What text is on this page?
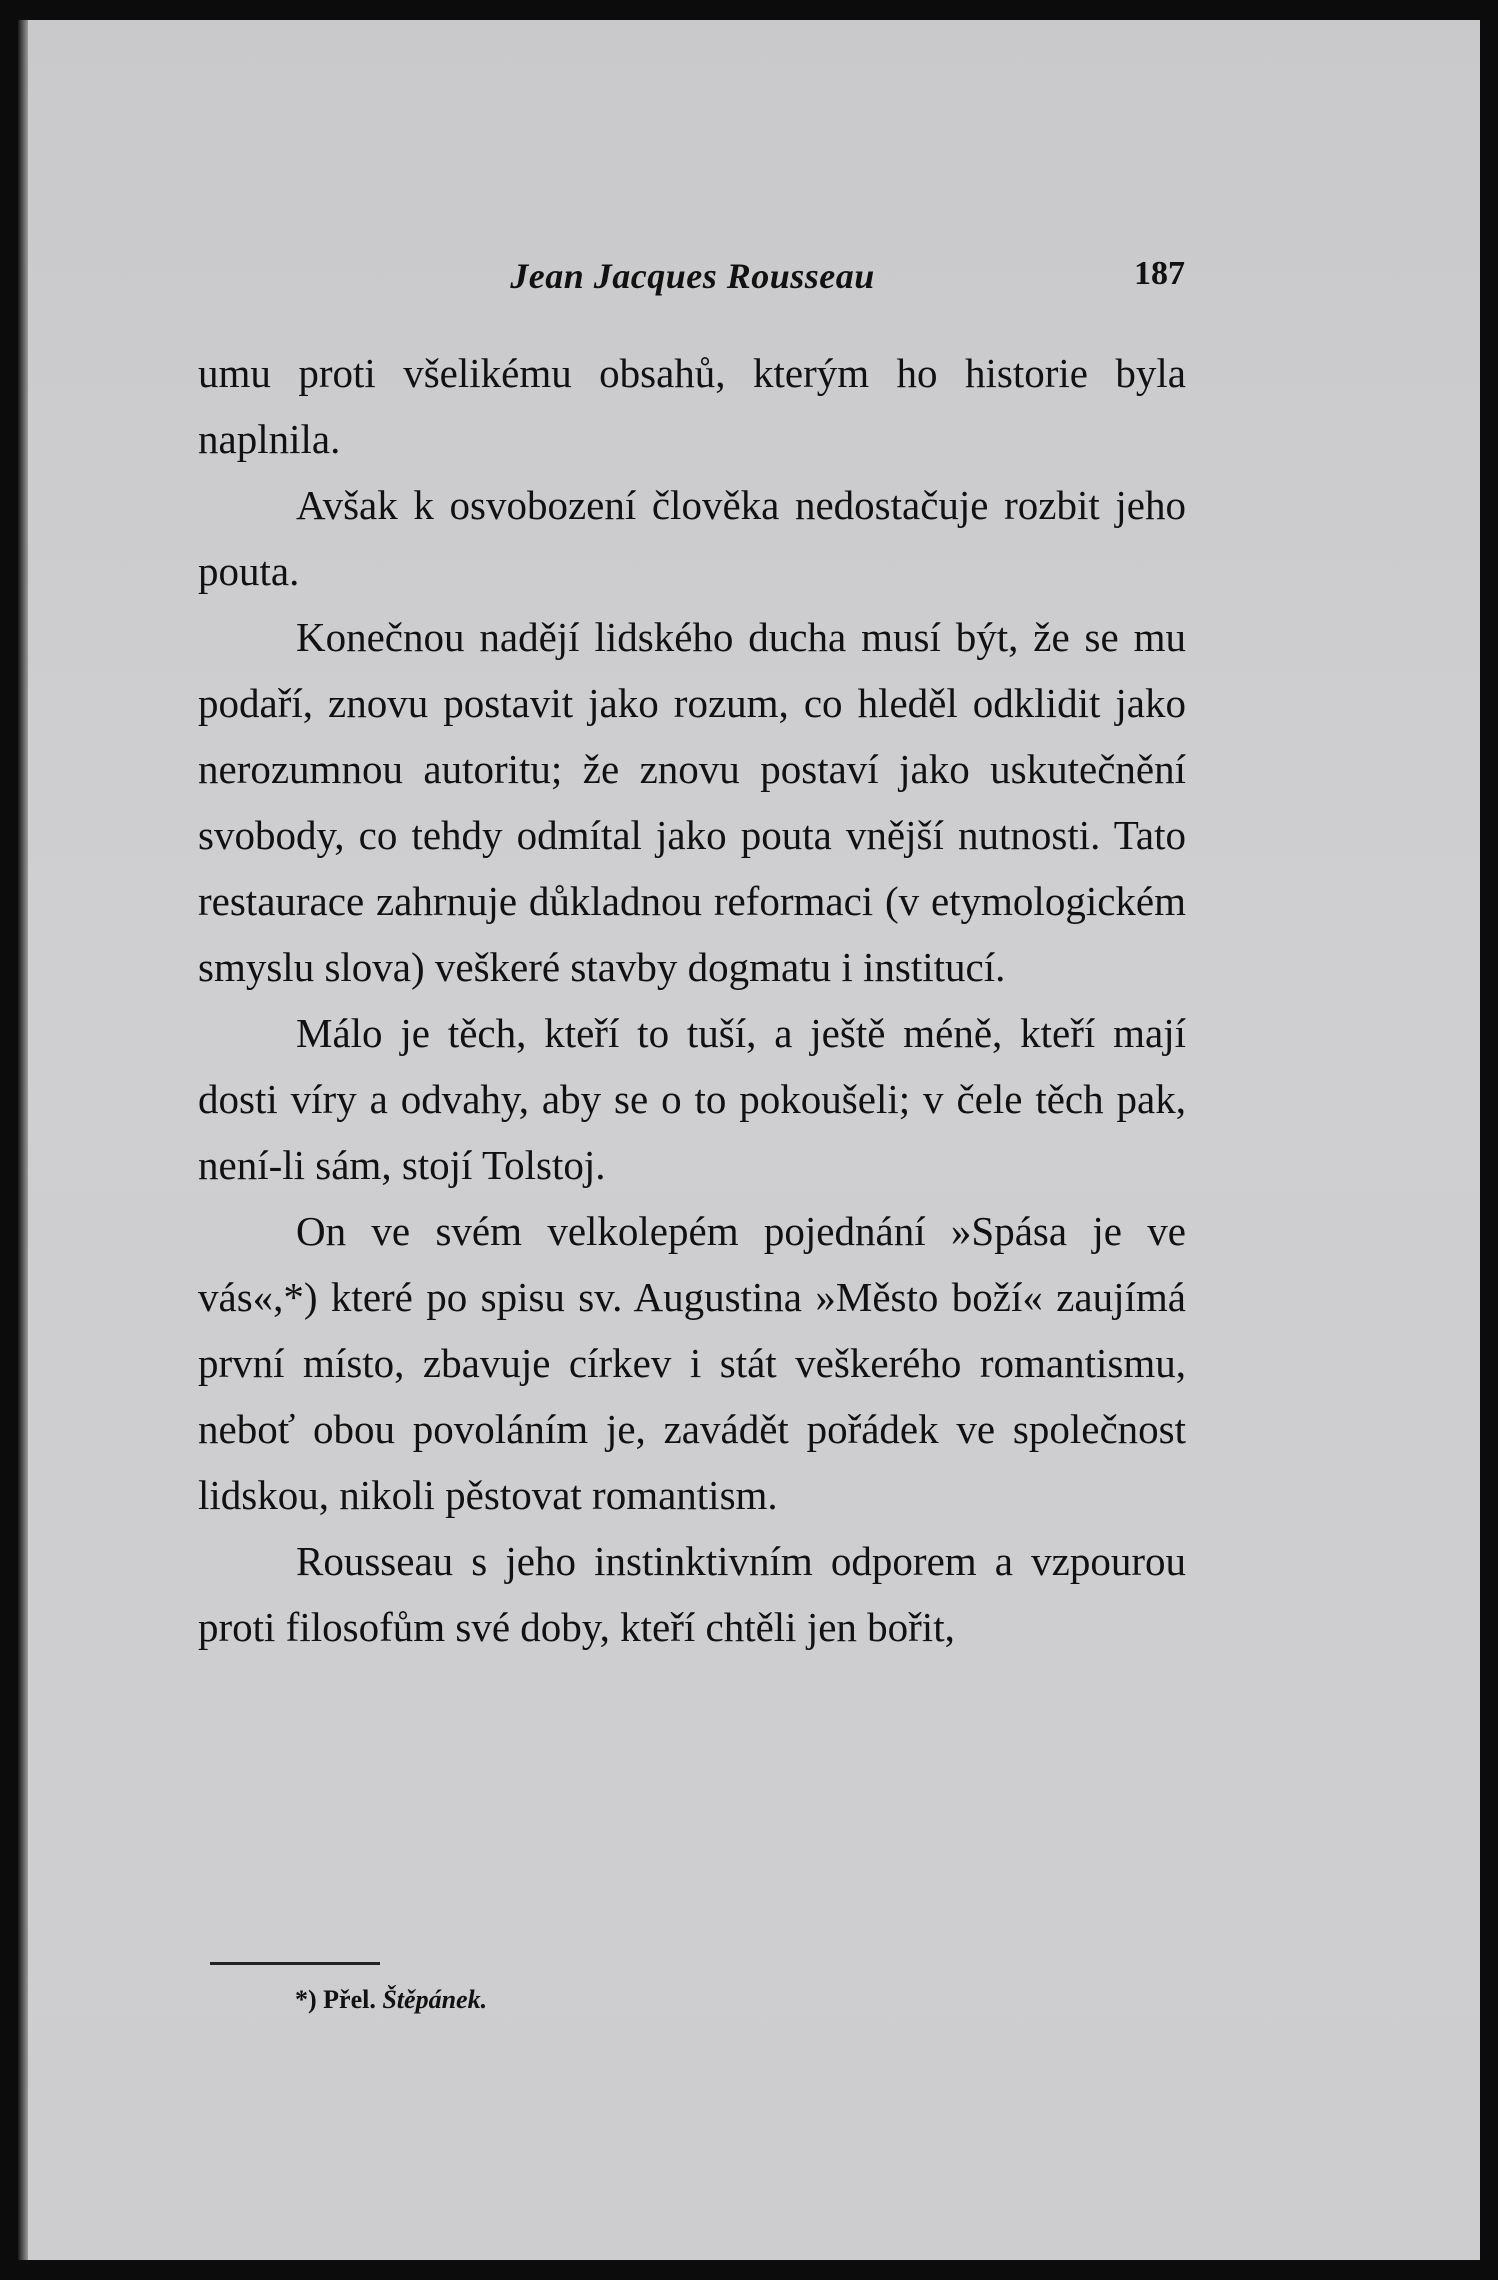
Jean Jacques Rousseau	187

umu proti všelikému obsahů, kterým ho historie byla naplnila.

Avšak k osvobození člověka nedostačuje rozbit jeho pouta.

Konečnou nadějí lidského ducha musí být, že se mu podaří, znovu postavit jako rozum, co hleděl odklidit jako nerozumnou autoritu; že znovu postaví jako uskutečnění svobody, co tehdy odmítal jako pouta vnější nutnosti. Tato restaurace zahrnuje důkladnou reformaci (v etymologickém smyslu slova) veškeré stavby dogmatu i institucí.

Málo je těch, kteří to tuší, a ještě méně, kteří mají dosti víry a odvahy, aby se o to pokoušeli; v čele těch pak, není-li sám, stojí Tolstoj.

On ve svém velkolepém pojednání »Spása je ve vás«,*) které po spisu sv. Augustina »Město boží« zaujímá první místo, zbavuje církev i stát veškerého romantismu, neboť obou povoláním je, zavádět pořádek ve společnost lidskou, nikoli pěstovat romantism.

Rousseau s jeho instinktivním odporem a vzpourou proti filosofům své doby, kteří chtěli jen bořit,

*) Přel. Štěpánek.
